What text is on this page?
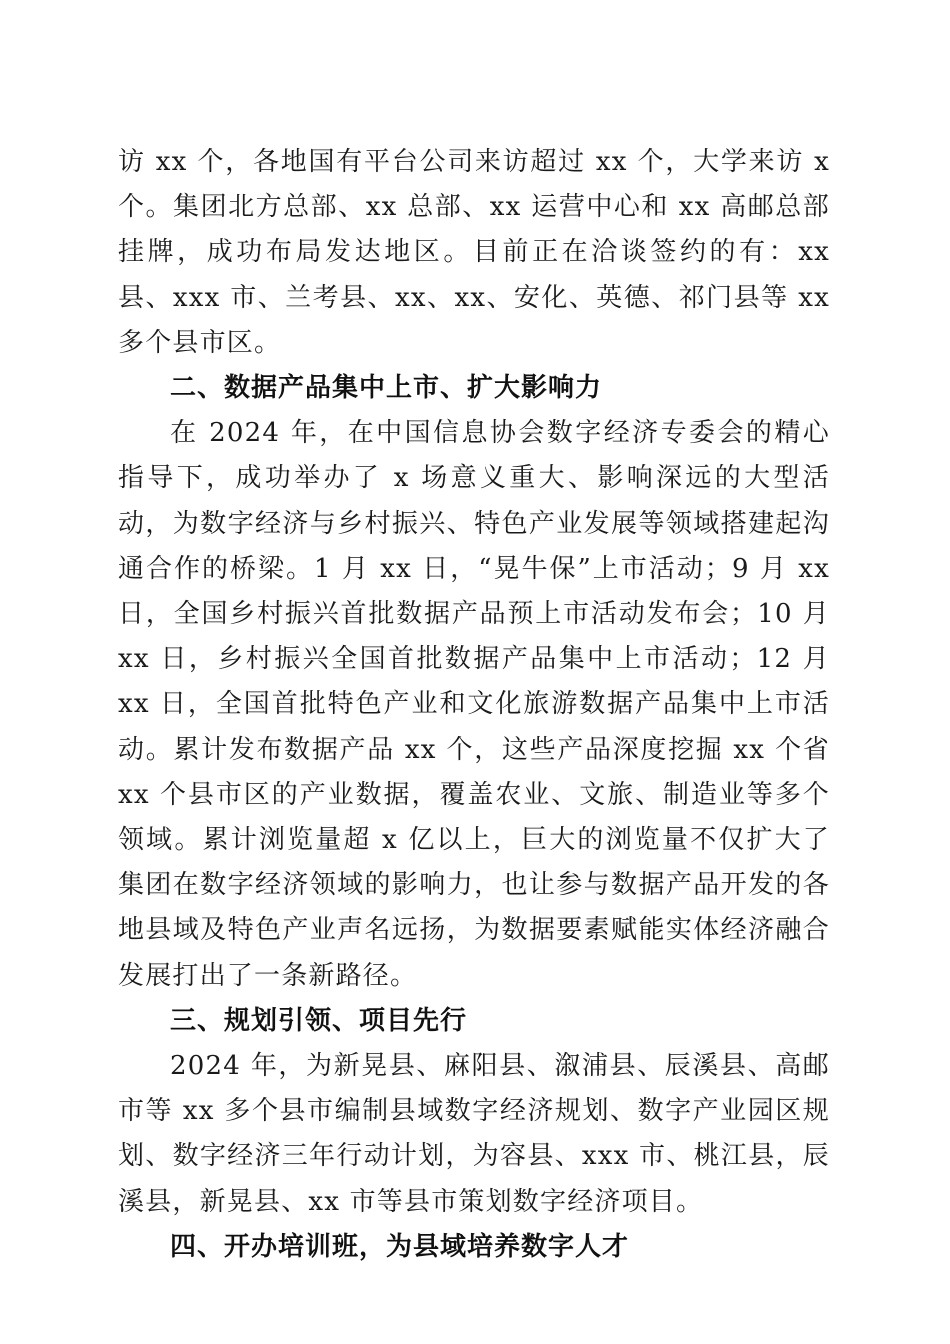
访 xx 个，各地国有平台公司来访超过 xx 个，大学来访 x 个。集团北方总部、xx 总部、xx 运营中心和 xx 高邮总部挂牌，成功布局发达地区。目前正在洽谈签约的有：xx 县、xxx 市、兰考县、xx、xx、安化、英德、祁门县等 xx 多个县市区。

二、数据产品集中上市、扩大影响力

在 2024 年，在中国信息协会数字经济专委会的精心指导下，成功举办了 x 场意义重大、影响深远的大型活动，为数字经济与乡村振兴、特色产业发展等领域搭建起沟通合作的桥梁。1 月 xx 日，“晃牛保”上市活动；9 月 xx 日，全国乡村振兴首批数据产品预上市活动发布会；10 月 xx 日，乡村振兴全国首批数据产品集中上市活动；12 月 xx 日，全国首批特色产业和文化旅游数据产品集中上市活动。累计发布数据产品 xx 个，这些产品深度挖掘 xx 个省 xx 个县市区的产业数据，覆盖农业、文旅、制造业等多个领域。累计浏览量超 x 亿以上，巨大的浏览量不仅扩大了集团在数字经济领域的影响力，也让参与数据产品开发的各地县域及特色产业声名远扬，为数据要素赋能实体经济融合发展打出了一条新路径。

三、规划引领、项目先行

2024 年，为新晃县、麻阳县、溆浦县、辰溪县、高邮市等 xx 多个县市编制县域数字经济规划、数字产业园区规划、数字经济三年行动计划，为容县、xxx 市、桃江县，辰溪县，新晃县、xx 市等县市策划数字经济项目。

四、开办培训班，为县域培养数字人才
